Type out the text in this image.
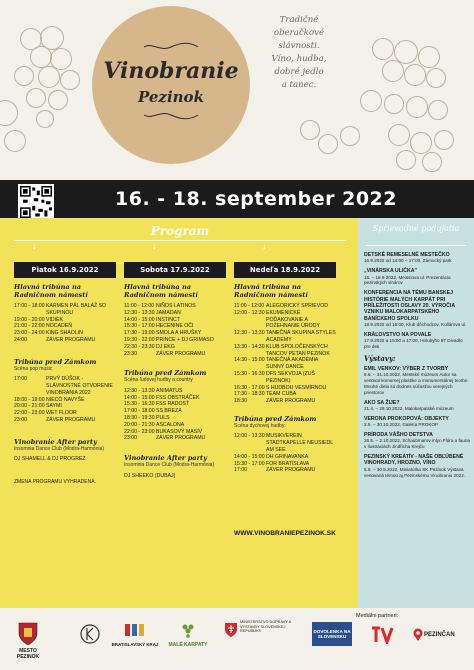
Vinobranie
Pezinok
Tradičné
oberačkové
slávnosti.
Víno, hudba,
dobré jedlo
a tanec.
16. - 18. september 2022
Program
↓	↓	↓
Piatok 16.9.2022
Hlavná tribúna na Radničnom námestí
17:00 - 18:00 KARMEN PÁL BALÁŽ SO SKUPINOU
19:00 - 20:00 VIDIEK
21:00 - 22:00 NOCADEŇ
23:00 - 24:00 KING SHAOLIN
24:00	ZÁVER PROGRAMU
Tribúna pred Zámkom
Scéna pop music
17:00	PRVÝ DÚŠOK - SLÁVNOSTNÉ OTVORENIE VINOBRANIA 2022
18:00 - 19:00 NIECÓ NAVYŠE
20:00 - 21:00 SAYMI
22:00 - 23:00 WET FLOOR
23:00	ZÁVER PROGRAMU
Vinobranie After party
Insomnia Dance Club (Modra-Harmónia)
DJ SHAMELL & DJ PROGREZ
ZMENA PROGRAMU VYHRADENÁ.
Sobota 17.9.2022
Hlavná tribúna na Radničnom námestí
11:00 - 12:00 NIÑOS LATINOS
12:30 - 13:30 JAMADAN
14:00 - 15:00 INSTINCT
15:30 - 17:00 HECENINE OČI
17:30 - 19:00 SMOLA A HRUŠKY
19:30 - 22:00 PRINCE + DJ GRIMASO
22:30 - 23:30 DJ EKG
23:30	ZÁVER PROGRAMU
Tribúna pred Zámkom
Scéna ľudovej hudby a country
12:30 - 13:30 ANIMATUS
14:00 - 15:00 FSS OBSTRÁČEK
15:30 - 16:30 FSS RADOSŤ
17:00 - 18:00 SS BREZA
18:30 - 19:30 PULS
20:00 - 21:30 ASCALONA
22:00 - 23:00 BUKASOVÝ MASÍV
23:00	ZÁVER PROGRAMU
Vinobranie After party
Insomnia Dance Club (Modra-Harmónia)
DJ SHEEKO (DUBAJ)
Nedeľa 18.9.2022
Hlavná tribúna na Radničnom námestí
11:00 - 12:00 ALEGORICKÝ SPRIEVOD
12:00 - 12:30 EKUMENICKÉ POĎAKOVANIE A POŽEHNANIE ÚRODY
12:30 - 13:30 TANEČNÁ SKUPINA STYLES ACADEMY
13:30 - 14:30 KLUB SPOLOČENSKÝCH TANCOV PETAN PEZINOK
14:30 - 15:00 TANEČNÁ AKADÉMIA SUNNY DANCE
15:30 - 16:30 DFS SEKVOJA (ZUŠ PEZINOK)
16:30 - 17:00 S HUDBOU VESMÍRNOU
17:30 - 18:30 TEAM CUBA
18:30	ZÁVER PROGRAMU
Tribúna pred Zámkom
Scéna dychovej hudby
12:00 - 13:30 MUSIKVEREIN STADTKAPELLE NEUSIEDL AM SEE
14:00 - 15:00 DH GRINAVANKA
15:30 - 17:00 FOR BRATISLAVA
17:00	ZÁVER PROGRAMU
WWW.VINOBRANIEPEZINOK.SK
Sprievodné podujatia
DETSKÉ REMESELNÉ MESTEČKO
16.9.2022 od 14:00 – 17:00, Zámocký park
„VINÁRSKA ULIČKA"
16. – 18.9.2022, Meissiova ul. Prezentácia pezinských vinárov
KONFERENCIA NA TÉMU BANSKEJ HISTÓRIE MALÝCH KARPÁT PRI PRÍLEŽITOSTI OSLAVY 20. VÝROČIA VZNIKU MALOKARPATSKÉHO BANÍCKEHO SPOLKU
18.9.2022 od 15:00, Klub dôchodcov, Kollárova ul.
KRÁĽOVSTVO NA POVALE
17.9.2022 a 15:00 a 17:00, Holubyho 87 Divadlo pre deti
Výstavy:
EMIL VENKOV: VÝBER Z TVORBY
8.6. – 31.10.2022, Mestské múzeum Autor sa venoval komornej plastike a monumentálnej tvorbe. Mnohé diela sú dodnes súčasťou verejných priestorov
AKO SA ŽIJE?
21.4. – 29.10.2022, Malokarpatské múzeum
VERONA PROKOPOVÁ: OBJEKTY
2.9. – 30.10.2022, Galéria PROKOP
PRÍRODA VÁŠHO DETSTVA
26.5. – 2.10.2022, Schaubmarov mlyn Flóra a fauna v ilustráciách Jindřicha Krejču
PEZINSKÝ KREATÍV - NAŠE OBĽÚBENÉ VINOHRADY, HROZNO, VÍNO
5.9. – 30.9.2022, Miniatúrka SK Pezinok Výstava venovaná témou aj Pezinskému Vinobraniu 2022.
Mediálni partneri:
MESTO PEZINOK
BRATISLAVSKÝ KRAJ	MALÉ KARPATY
MINISTERSTVO DOPRAVY A VÝSTAVBY SLOVENSKEJ REPUBLIKY	DOVOLENKA NA SLOVENSKU	PEZINČAN
